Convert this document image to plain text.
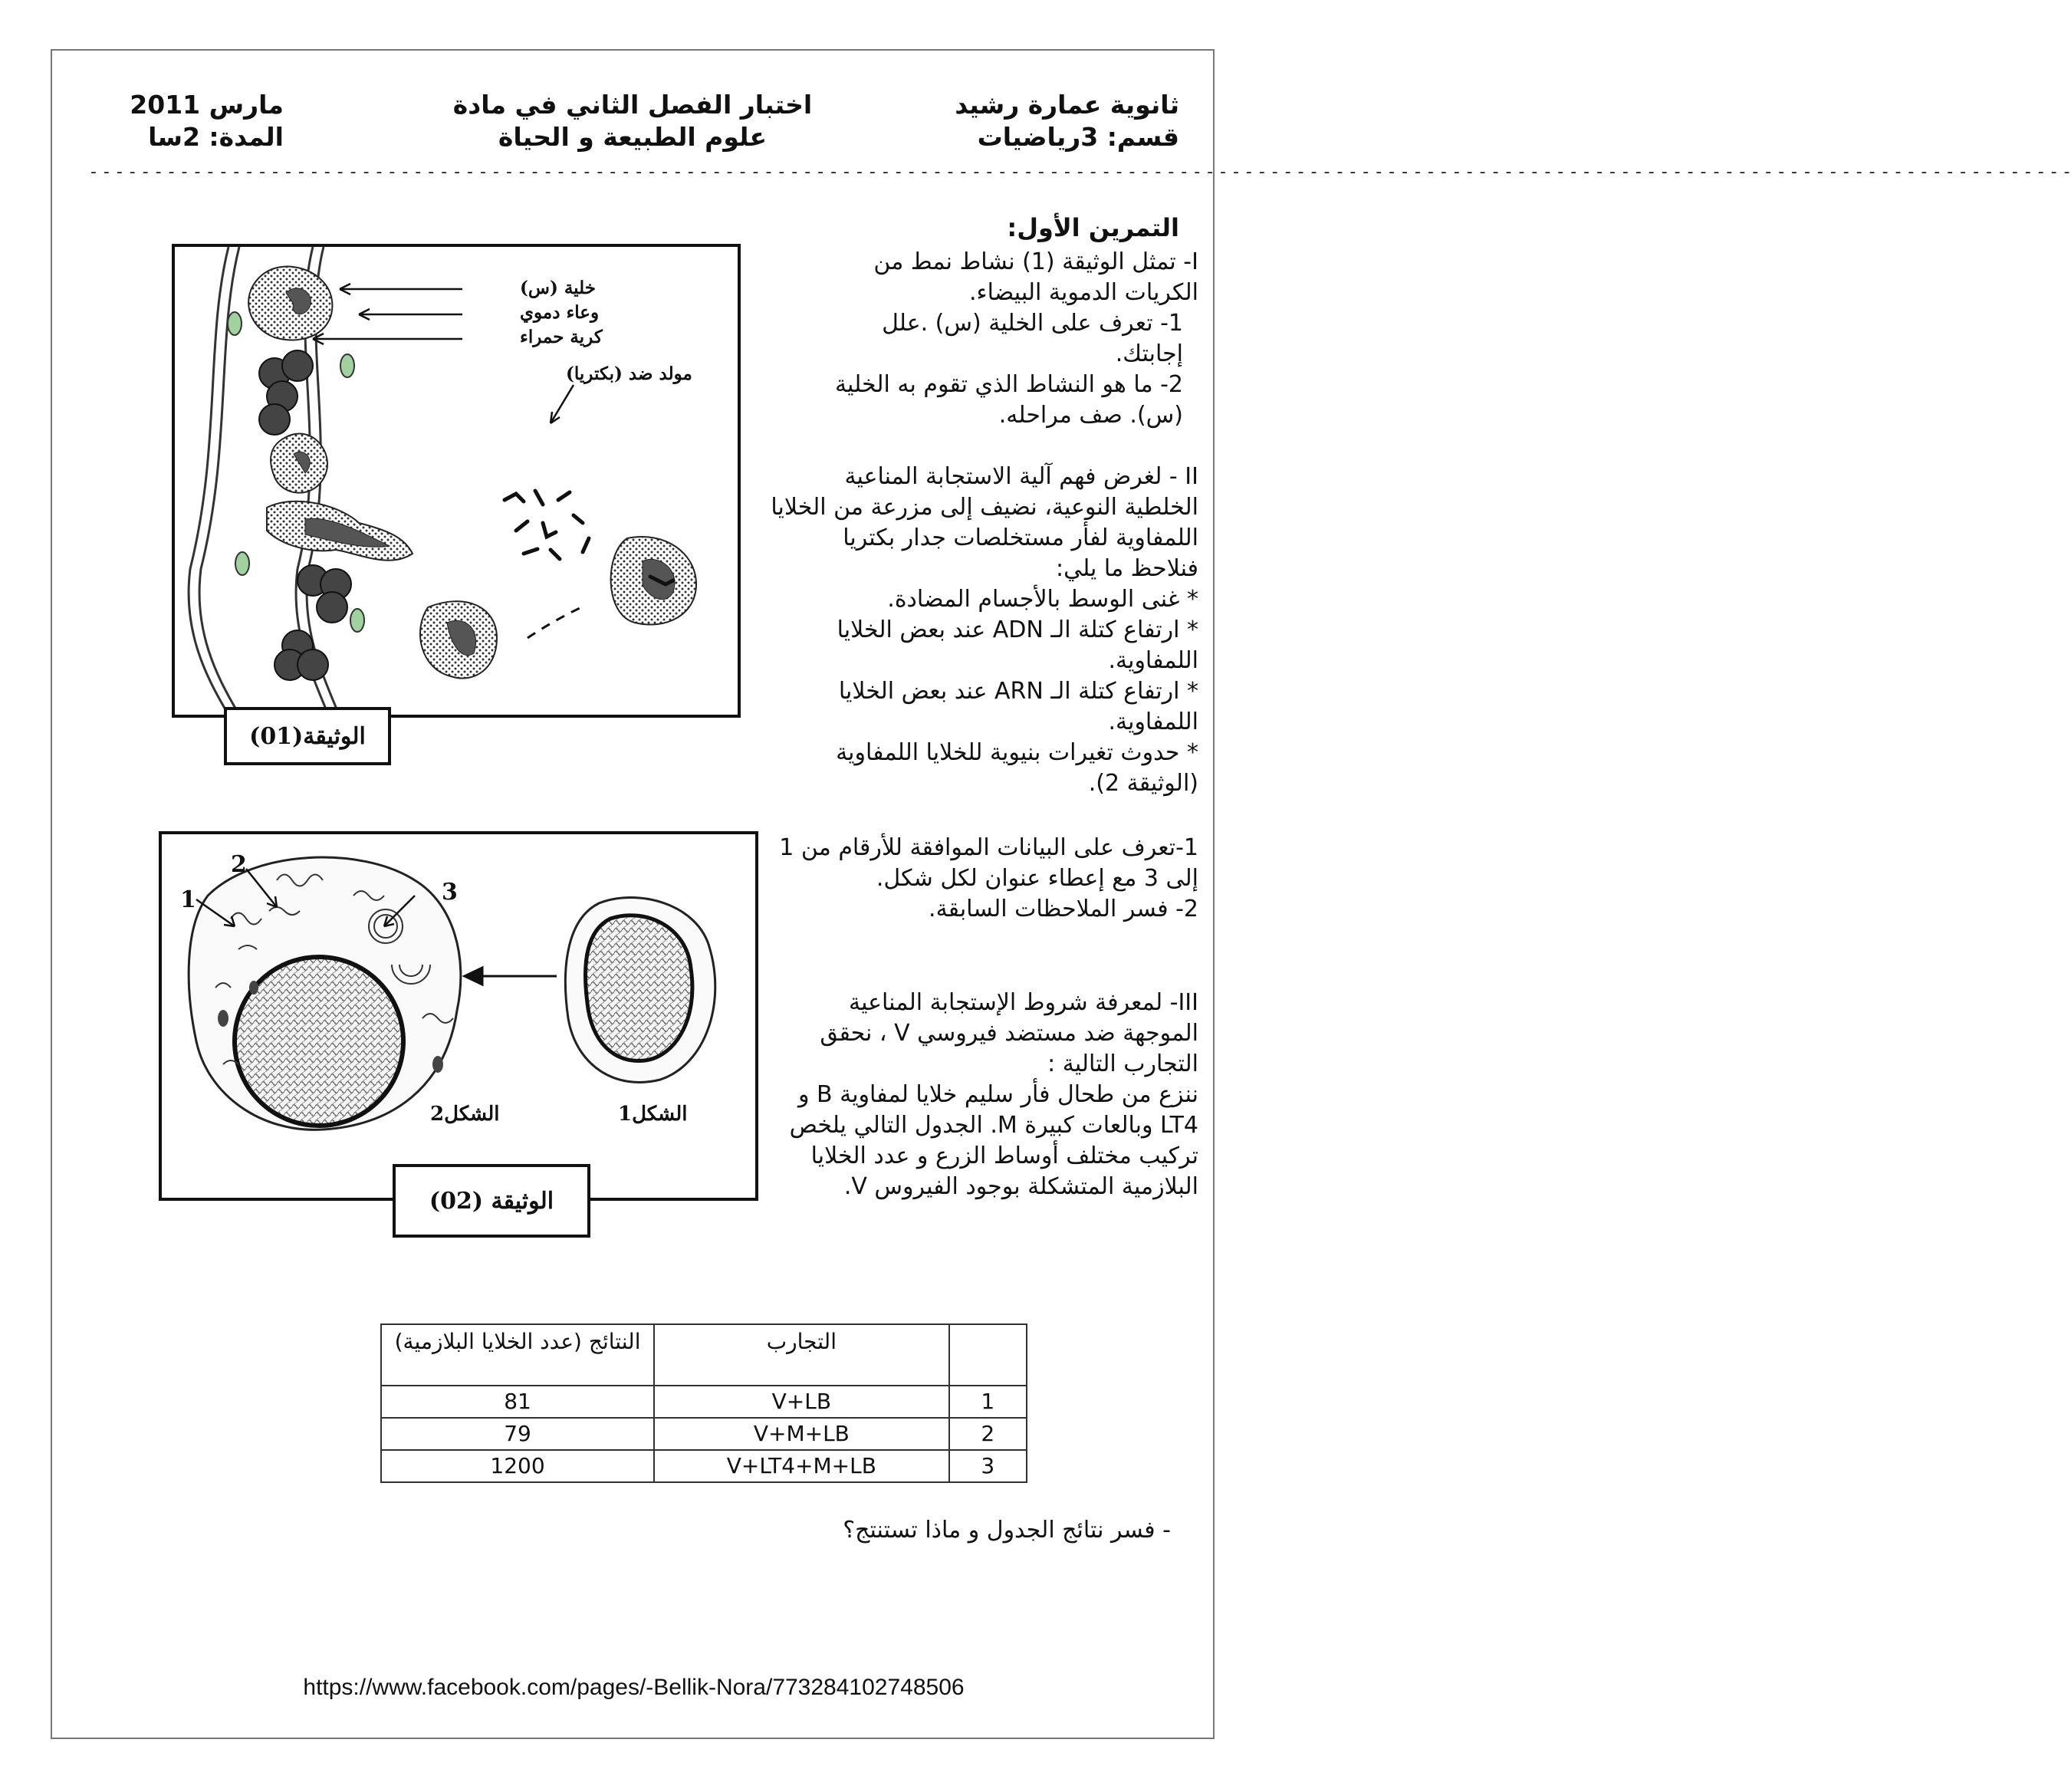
ثانوية عمارة رشيد
قسم: 3رياضيات
اختبار الفصل الثاني في مادة
علوم الطبيعة و الحياة
مارس 2011
المدة: 2سا
- - - - - - - - - - - - - - - - - - - - - - - - - - - - - - - - - - - - - - - - - - - - - - - - - - - - - - - - - - - - - - - - - - - - - - - - - - - - - - - - - - - - - - - - - - - - - - - - - - - - - - - - - - - - - - - - - - - - - - - - - - - - - - - - - - - - - - - - - - - - - - - - - - - - - - - - -
التمرين الأول:

I- تمثل الوثيقة (1) نشاط نمط من الكريات الدموية البيضاء.

1- تعرف على الخلية (س) .علل إجابتك.

2- ما هو النشاط الذي تقوم به الخلية (س). صف مراحله.

II - لغرض فهم آلية الاستجابة المناعية الخلطية النوعية، نضيف إلى مزرعة من الخلايا اللمفاوية لفأر مستخلصات جدار بكتريا فنلاحظ ما يلي:

* غنى الوسط بالأجسام المضادة.

* ارتفاع كتلة الـ ADN عند بعض الخلايا اللمفاوية.

* ارتفاع كتلة الـ ARN عند بعض الخلايا اللمفاوية.

* حدوث تغيرات بنيوية للخلايا اللمفاوية (الوثيقة 2).

1-تعرف على البيانات الموافقة للأرقام من 1 إلى 3 مع إعطاء عنوان لكل شكل.

2- فسر الملاحظات السابقة.

III- لمعرفة شروط الإستجابة المناعية الموجهة ضد مستضد فيروسي V ، نحقق التجارب التالية :

ننزع من طحال فأر سليم خلايا لمفاوية B و LT4 وبالعات كبيرة M. الجدول التالي يلخص تركيب مختلف أوساط الزرع و عدد الخلايا البلازمية المتشكلة بوجود الفيروس V.

خلية (س)
وعاء دموي
كرية حمراء
مولد ضد (بكتريا)
الوثيقة(01)
1
2
3
الشكل2	الشكل1
الوثيقة (02)
	التجارب	النتائج (عدد الخلايا البلازمية)
1	V+LB	81
2	V+M+LB	79
3	V+LT4+M+LB	1200
- فسر نتائج الجدول و ماذا تستنتج؟
https://www.facebook.com/pages/-Bellik-Nora/773284102748506
